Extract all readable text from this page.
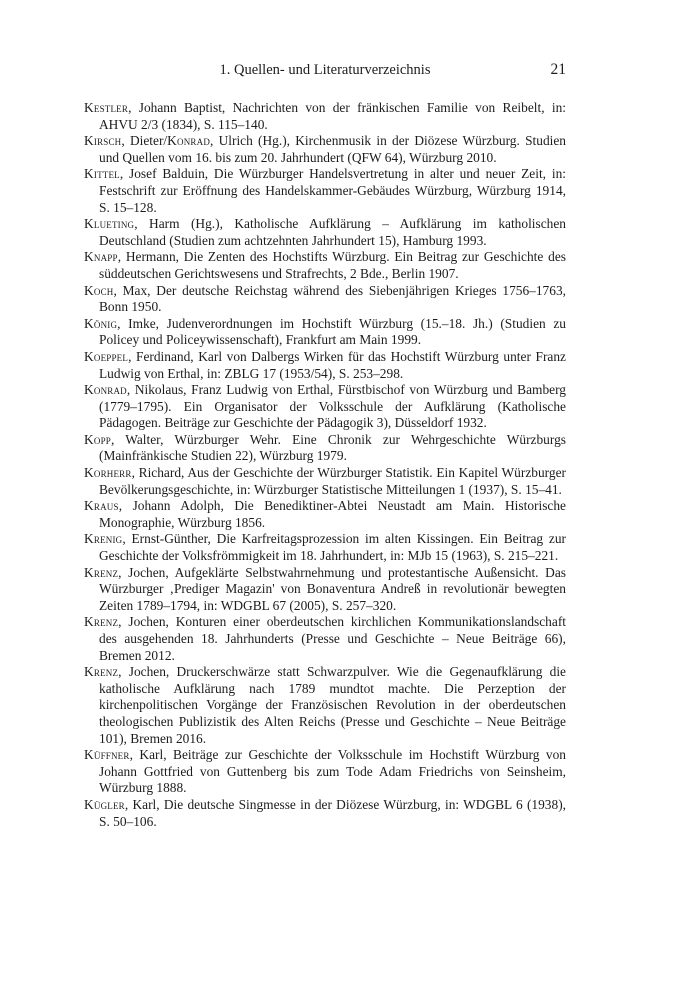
1. Quellen- und Literaturverzeichnis	21

Kestler, Johann Baptist, Nachrichten von der fränkischen Familie von Reibelt, in: AHVU 2/3 (1834), S. 115–140.

Kirsch, Dieter/Konrad, Ulrich (Hg.), Kirchenmusik in der Diözese Würzburg. Studien und Quellen vom 16. bis zum 20. Jahrhundert (QFW 64), Würzburg 2010.

Kittel, Josef Balduin, Die Würzburger Handelsvertretung in alter und neuer Zeit, in: Festschrift zur Eröffnung des Handelskammer-Gebäudes Würzburg, Würzburg 1914, S. 15–128.

Klueting, Harm (Hg.), Katholische Aufklärung – Aufklärung im katholischen Deutschland (Studien zum achtzehnten Jahrhundert 15), Hamburg 1993.

Knapp, Hermann, Die Zenten des Hochstifts Würzburg. Ein Beitrag zur Geschichte des süddeutschen Gerichtswesens und Strafrechts, 2 Bde., Berlin 1907.

Koch, Max, Der deutsche Reichstag während des Siebenjährigen Krieges 1756–1763, Bonn 1950.

König, Imke, Judenverordnungen im Hochstift Würzburg (15.–18. Jh.) (Studien zu Policey und Policeywissenschaft), Frankfurt am Main 1999.

Koeppel, Ferdinand, Karl von Dalbergs Wirken für das Hochstift Würzburg unter Franz Ludwig von Erthal, in: ZBLG 17 (1953/54), S. 253–298.

Konrad, Nikolaus, Franz Ludwig von Erthal, Fürstbischof von Würzburg und Bamberg (1779–1795). Ein Organisator der Volksschule der Aufklärung (Katholische Pädagogen. Beiträge zur Geschichte der Pädagogik 3), Düsseldorf 1932.

Kopp, Walter, Würzburger Wehr. Eine Chronik zur Wehrgeschichte Würzburgs (Mainfränkische Studien 22), Würzburg 1979.

Korherr, Richard, Aus der Geschichte der Würzburger Statistik. Ein Kapitel Würzburger Bevölkerungsgeschichte, in: Würzburger Statistische Mitteilungen 1 (1937), S. 15–41.

Kraus, Johann Adolph, Die Benediktiner-Abtei Neustadt am Main. Historische Monographie, Würzburg 1856.

Krenig, Ernst-Günther, Die Karfreitagsprozession im alten Kissingen. Ein Beitrag zur Geschichte der Volksfrömmigkeit im 18. Jahrhundert, in: MJb 15 (1963), S. 215–221.

Krenz, Jochen, Aufgeklärte Selbstwahrnehmung und protestantische Außensicht. Das Würzburger ‚Prediger Magazin' von Bonaventura Andreß in revolutionär bewegten Zeiten 1789–1794, in: WDGBL 67 (2005), S. 257–320.

Krenz, Jochen, Konturen einer oberdeutschen kirchlichen Kommunikationslandschaft des ausgehenden 18. Jahrhunderts (Presse und Geschichte – Neue Beiträge 66), Bremen 2012.

Krenz, Jochen, Druckerschwärze statt Schwarzpulver. Wie die Gegenaufklärung die katholische Aufklärung nach 1789 mundtot machte. Die Perzeption der kirchenpolitischen Vorgänge der Französischen Revolution in der oberdeutschen theologischen Publizistik des Alten Reichs (Presse und Geschichte – Neue Beiträge 101), Bremen 2016.

Küffner, Karl, Beiträge zur Geschichte der Volksschule im Hochstift Würzburg von Johann Gottfried von Guttenberg bis zum Tode Adam Friedrichs von Seinsheim, Würzburg 1888.

Kügler, Karl, Die deutsche Singmesse in der Diözese Würzburg, in: WDGBL 6 (1938), S. 50–106.
